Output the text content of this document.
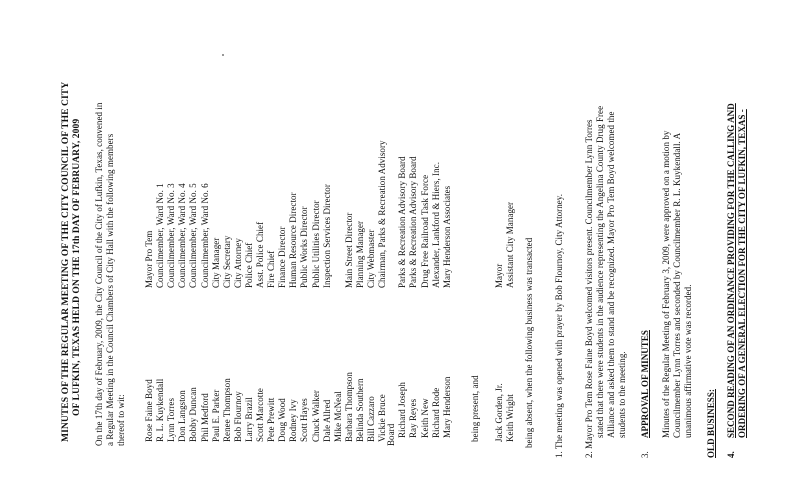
MINUTES OF THE REGULAR MEETING OF THE CITY COUNCIL OF THE CITY OF LUFKIN, TEXAS HELD ON THE 17th DAY OF FEBRUARY, 2009 On the 17th day of February, 2009, the City Council of the City of Lufkin, Texas, convened in a Regular Meeting in the Council Chambers of City Hall with the following members thereof to wit: Rose Faine Boyd
Mayor Pro Tem
R. L. Kuykendall
Councilmember, Ward No. 1
Lynn Torres
Councilmember, Ward No. 3
Don Langston
Councilmember, Ward No. 4
Bobby Duncan
Councilmember, Ward No. 5
Phil Medford
Councilmember, Ward No. 6
Paul E. Parker
City Manager
Renee Thompson
City Secretary
Bob Flournoy
City Attorney
Larry Brazil
Police Chief
Scott Marcotte
Asst. Police Chief
Pete Prewitt
Fire Chief
Doug Wood
Finance Director
Rodney Ivy
Human Resource Director
Scott Hayes
Public Works Director
Chuck Walker
Public Utilities Director
Dale Allred
Inspection Services Director
Mike McNeal Barbara Thompson
Main Street Director
Belinda Southern
Planning Manager
Bill Cazzaro
City Webmaster
Vickie Bruce
Chairman, Parks & Recreation Advisory
Board Richard Joseph
Parks & Recreation Advisory Board
Ray Reyes
Parks & Recreation Advisory Board
Keith New
Drug Free Railroad Task Force
Richard Rode
Alexander, Lankford & Hiers, Inc.
Mary Henderson
Mary Henderson Associates
being present, and Jack Gorden, Jr.
Mayor
Keith Wright
Assistant City Manager being absent, when the following business was transacted 1. The meeting was opened with prayer by Bob Flournoy, City Attorney. 2. Mayor Pro Tem Rose Faine Boyd welcomed visitors present. Councilmember Lynn Torres stated that there were students in the audience representing the Angelina County Drug Free Alliance and asked them to stand and be recognized. Mayor Pro Tem Boyd welcomed the students to the meeting.
3.
APPROVAL OF MINUTES Minutes of the Regular Meeting of February 3, 2009, were approved on a motion by Councilmember Lynn Torres and seconded by Councilmember R. L. Kuykendall. A unanimous affirmative vote was recorded. OLD BUSINESS: 4.
SECOND READING OF AN ORDINANCE PROVIDING FOR THE CALLING AND ORDERING OF A GENERAL ELECTION FOR THE CITY OF LUFKIN, TEXAS -
